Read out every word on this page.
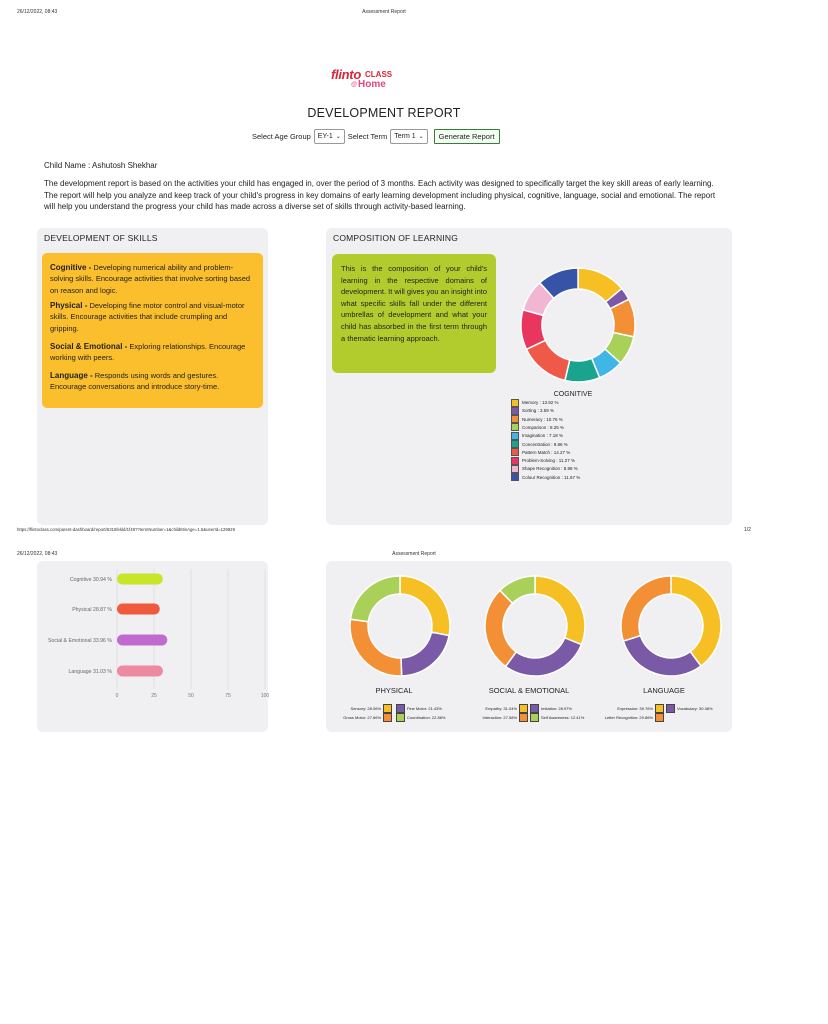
26/12/2022, 08:43	Assessment Report
flinto CLASS
@ Home
DEVELOPMENT REPORT
Select Age Group EY-1 ⌄ Select Term Term 1 ⌄	Generate Report
Child Name : Ashutosh Shekhar
The development report is based on the activities your child has engaged in, over the period of 3 months. Each activity was designed to specifically target the key skill areas of early learning. The report will help you analyze and keep track of your child's progress in key domains of early learning development including physical, cognitive, language, social and emotional. The report will help you understand the progress your child has made across a diverse set of skills through activity-based learning.
DEVELOPMENT OF SKILLS

Cognitive - Developing numerical ability and problem-solving skills. Encourage activities that involve sorting based on reason and logic.

Physical - Developing fine motor control and visual-motor skills. Encourage activities that include crumpling and gripping.

Social & Emotional - Exploring relationships. Encourage working with peers.

Language - Responds using words and gestures. Encourage conversations and introduce story-time.

COMPOSITION OF LEARNING

This is the composition of your child's learning in the respective domains of development. It will gives you an insight into what specific skills fall under the different umbrellas of development and what your child has absorbed in the first term through a thematic learning approach.

COGNITIVE
Memory : 13.92 %
Sorting : 3.59 %
Numeracy : 10.76 %
Comparison : 8.25 %
Imagination : 7.18 %
Concentration : 9.86 %
Pattern Match : 14.27 %
Problem-Solving : 11.27 %
Shape Recognition : 8.98 %
Colour Recognition : 11.67 %
https://flintoclass.com/parent-dashboard/report/6316fekld/1f49??termNumber=1&childMinAge=1.5&userId=129929	1/2
26/12/2022, 08:43	Assessment Report
0	25	50	75	100
Cognitive 30.94 %
Physical 28.87 %
Social & Emotional 33.96 %
Language 31.03 %
PHYSICAL
Sensory: 28.06%	Fine Motor: 21.43%
Gross Motor: 27.66%	Coordination: 22.86%
SOCIAL & EMOTIONAL
Empathy: 31.04%	Imitation: 28.97%
Interaction: 27.58%	Self Awareness: 12.41%
LANGUAGE
Expression: 39.76%	Vocabulary: 30.38%
Letter Recognition: 29.86%
